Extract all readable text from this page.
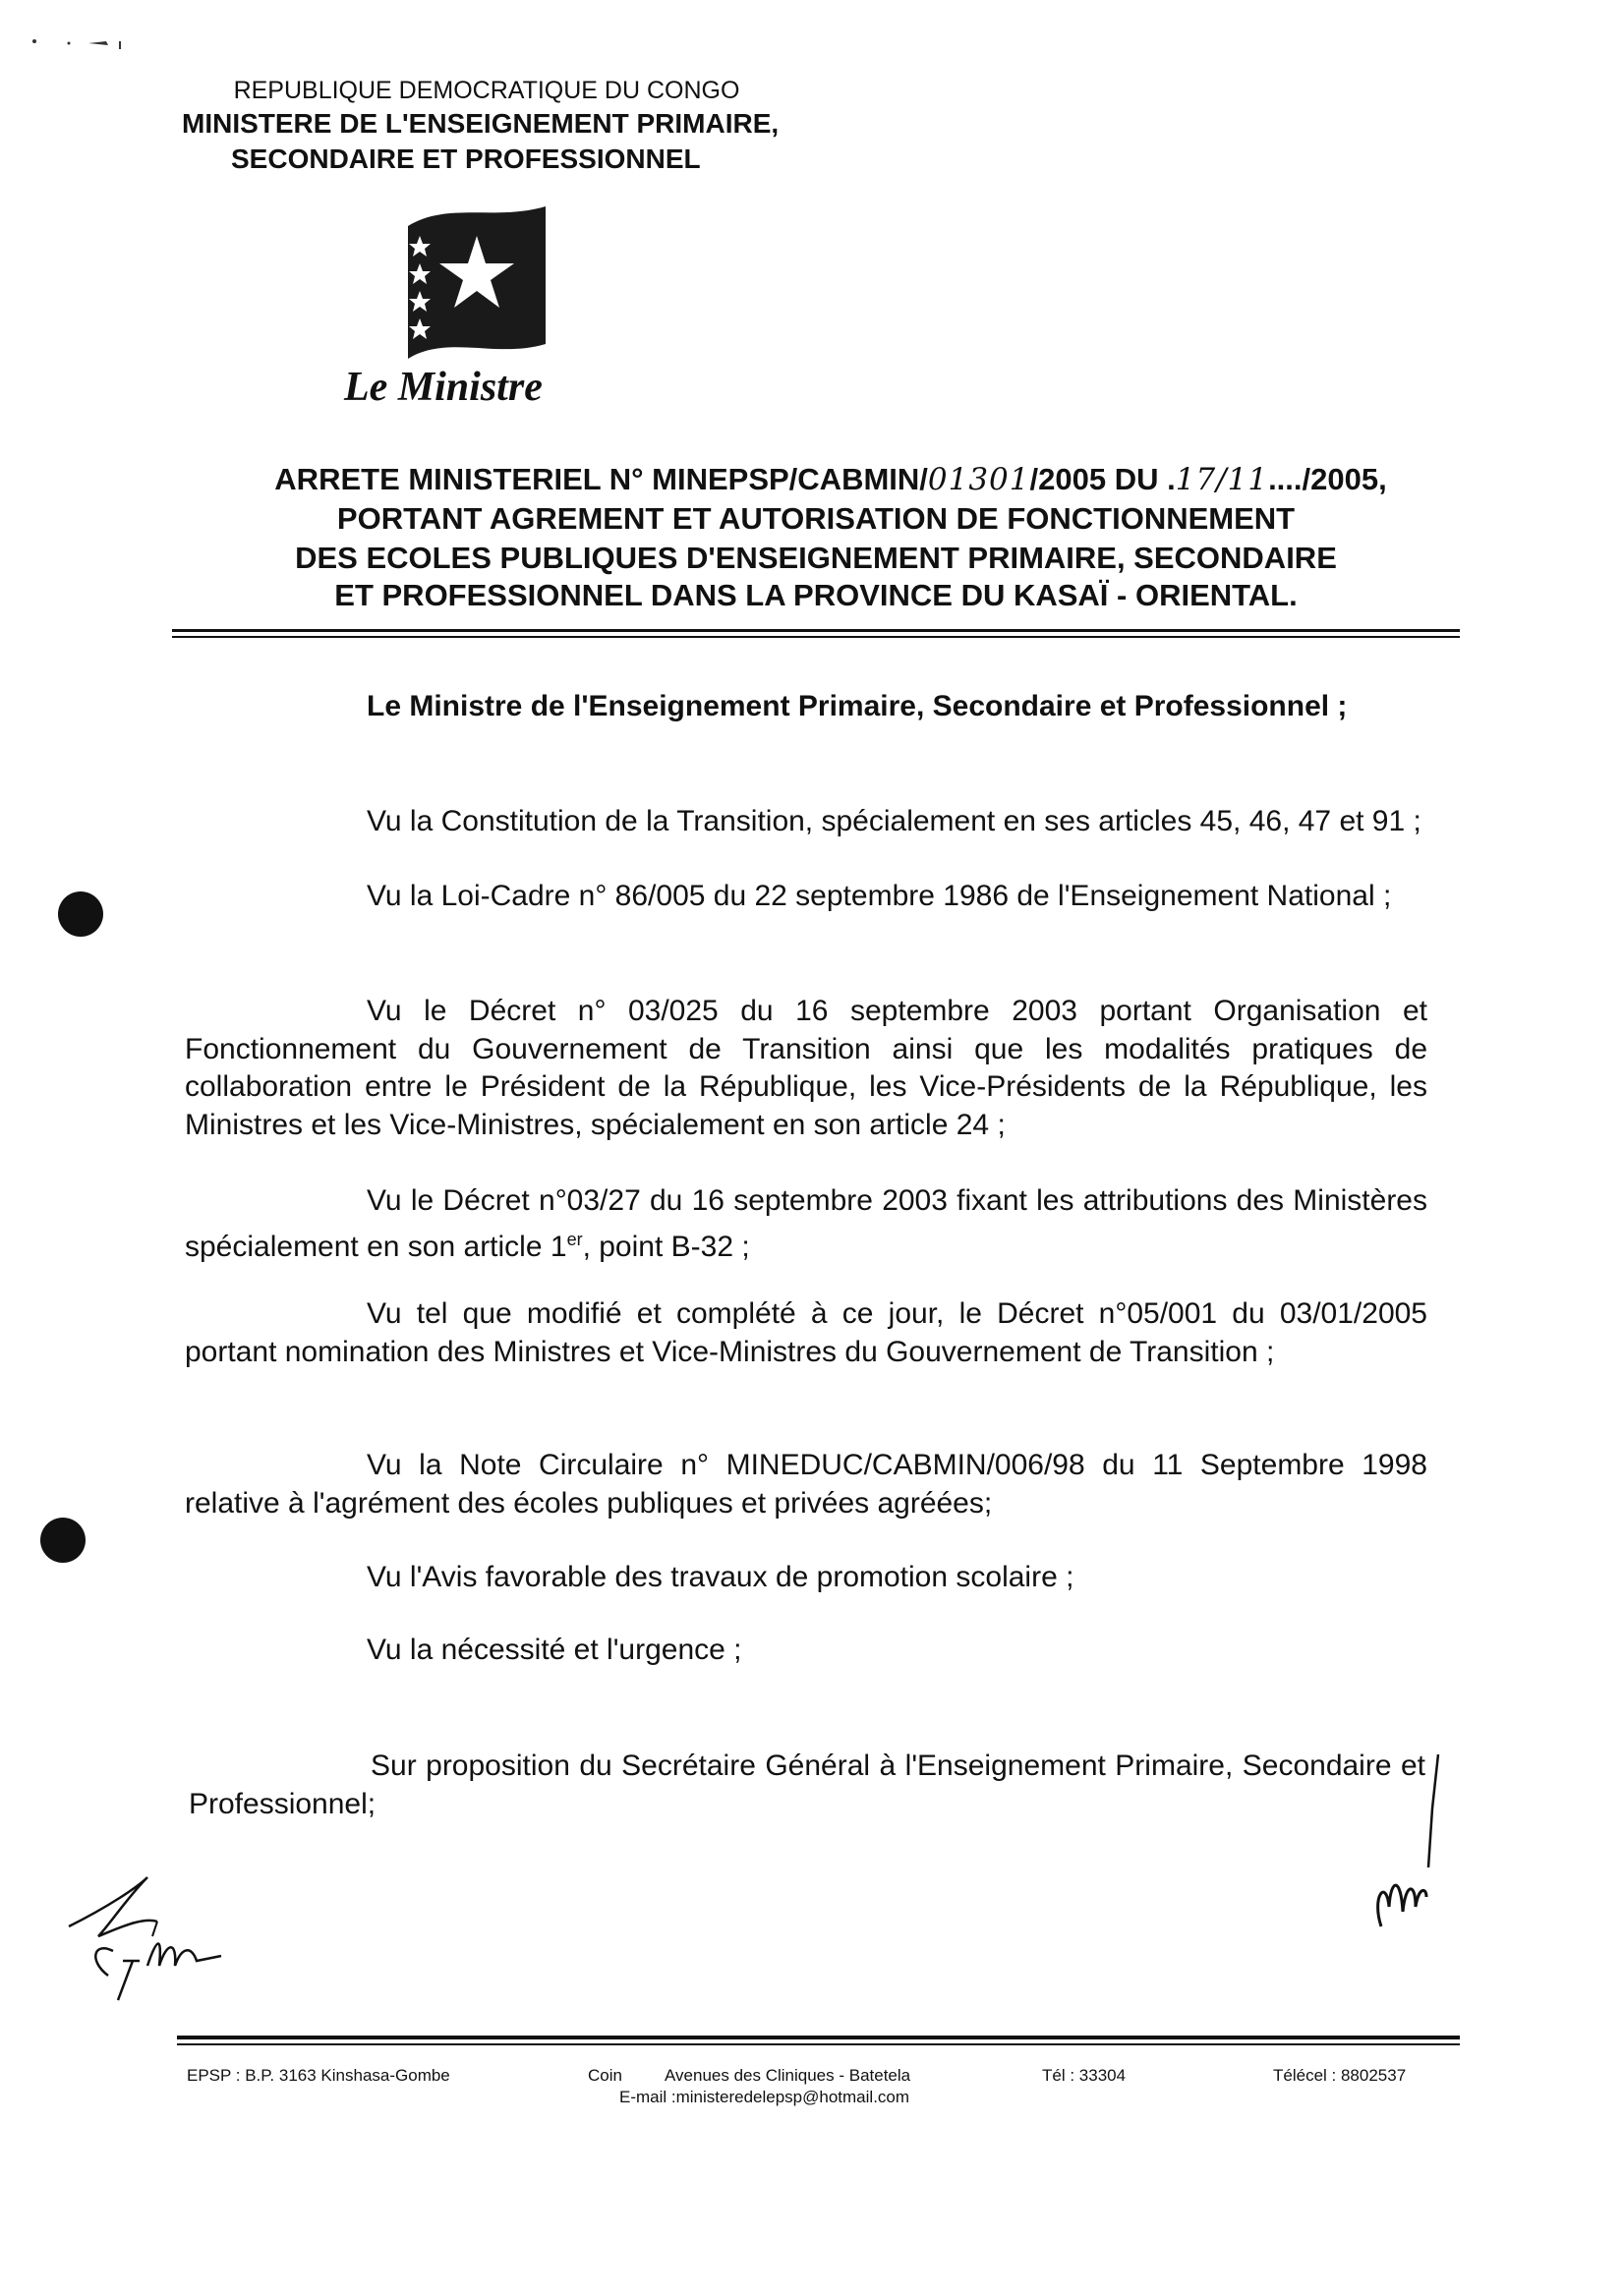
REPUBLIQUE DEMOCRATIQUE DU CONGO
MINISTERE DE L'ENSEIGNEMENT PRIMAIRE,
SECONDAIRE ET PROFESSIONNEL
Le Ministre
ARRETE MINISTERIEL N° MINEPSP/CABMIN/01301/2005 DU .17/11..../2005,
PORTANT AGREMENT ET AUTORISATION DE FONCTIONNEMENT
DES ECOLES PUBLIQUES D'ENSEIGNEMENT PRIMAIRE, SECONDAIRE
ET PROFESSIONNEL DANS LA PROVINCE DU KASAÏ - ORIENTAL.
Le Ministre de l'Enseignement Primaire, Secondaire et Professionnel ;
Vu la Constitution de la Transition, spécialement en ses articles 45, 46, 47 et 91 ;
Vu la Loi-Cadre n° 86/005 du 22 septembre 1986 de l'Enseignement National ;
Vu le Décret n° 03/025 du 16 septembre 2003 portant Organisation et Fonctionnement du Gouvernement de Transition ainsi que les modalités pratiques de collaboration entre le Président de la République, les Vice-Présidents de la République, les Ministres et les Vice-Ministres, spécialement en son article 24 ;
Vu le Décret n°03/27 du 16 septembre 2003 fixant les attributions des Ministères spécialement en son article 1er, point B-32 ;
Vu tel que modifié et complété à ce jour, le Décret n°05/001 du 03/01/2005 portant nomination des Ministres et Vice-Ministres du Gouvernement de Transition ;
Vu la Note Circulaire n° MINEDUC/CABMIN/006/98 du 11 Septembre 1998 relative à l'agrément des écoles publiques et privées agréées;
Vu l'Avis favorable des travaux de promotion scolaire ;
Vu la nécessité et l'urgence ;
Sur proposition du Secrétaire Général à l'Enseignement Primaire, Secondaire et Professionnel;
EPSP : B.P. 3163 Kinshasa-Gombe	Coin	Avenues des Cliniques - Batetela	Tél : 33304	Télécel : 8802537
E-mail :ministeredelepsp@hotmail.com
